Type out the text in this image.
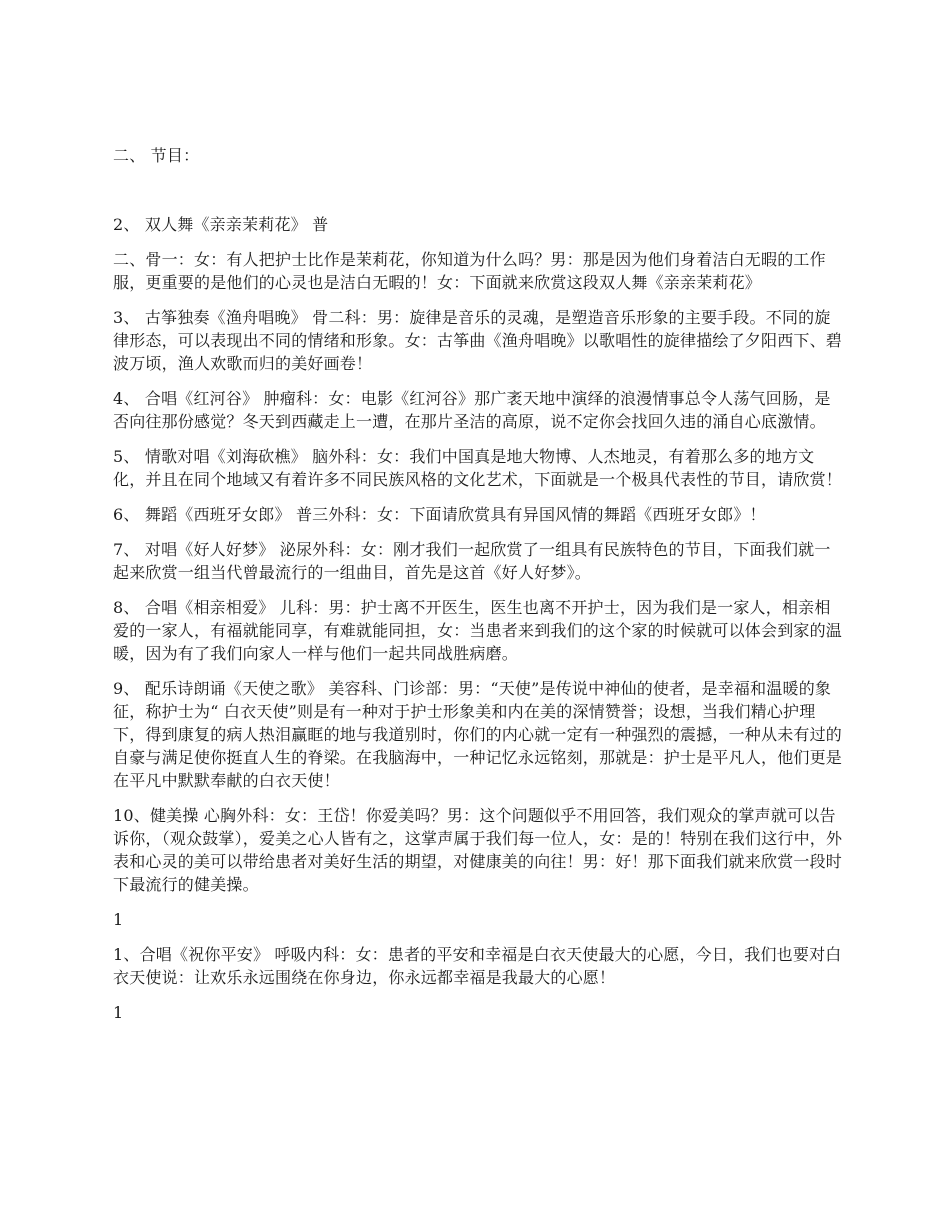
二、 节目：

2、 双人舞《亲亲茉莉花》 普

二、骨一：女：有人把护士比作是茉莉花，你知道为什么吗？男：那是因为他们身着洁白无暇的工作服，更重要的是他们的心灵也是洁白无暇的！女：下面就来欣赏这段双人舞《亲亲茉莉花》

3、 古筝独奏《渔舟唱晚》 骨二科：男：旋律是音乐的灵魂，是塑造音乐形象的主要手段。不同的旋律形态，可以表现出不同的情绪和形象。女：古筝曲《渔舟唱晚》以歌唱性的旋律描绘了夕阳西下、碧波万顷，渔人欢歌而归的美好画卷！

4、 合唱《红河谷》 肿瘤科：女：电影《红河谷》那广袤天地中演绎的浪漫情事总令人荡气回肠，是否向往那份感觉？冬天到西藏走上一遭，在那片圣洁的高原，说不定你会找回久违的涌自心底激情。

5、 情歌对唱《刘海砍樵》 脑外科：女：我们中国真是地大物博、人杰地灵，有着那么多的地方文化，并且在同个地域又有着许多不同民族风格的文化艺术，下面就是一个极具代表性的节目，请欣赏！

6、 舞蹈《西班牙女郎》 普三外科：女：下面请欣赏具有异国风情的舞蹈《西班牙女郎》！

7、 对唱《好人好梦》 泌尿外科：女：刚才我们一起欣赏了一组具有民族特色的节目，下面我们就一起来欣赏一组当代曾最流行的一组曲目，首先是这首《好人好梦》。

8、 合唱《相亲相爱》 儿科：男：护士离不开医生，医生也离不开护士，因为我们是一家人，相亲相爱的一家人，有福就能同享，有难就能同担，女：当患者来到我们的这个家的时候就可以体会到家的温暖，因为有了我们向家人一样与他们一起共同战胜病磨。

9、 配乐诗朗诵《天使之歌》 美容科、门诊部：男：“天使”是传说中神仙的使者，是幸福和温暖的象征，称护士为“ 白衣天使”则是有一种对于护士形象美和内在美的深情赞誉；设想，当我们精心护理下，得到康复的病人热泪赢眶的地与我道别时，你们的内心就一定有一种强烈的震撼，一种从未有过的自豪与满足使你挺直人生的脊梁。在我脑海中，一种记忆永远铭刻，那就是：护士是平凡人，他们更是在平凡中默默奉献的白衣天使！

10、健美操 心胸外科：女：王岱！你爱美吗？男：这个问题似乎不用回答，我们观众的掌声就可以告诉你，（观众鼓掌），爱美之心人皆有之，这掌声属于我们每一位人，女：是的！特别在我们这行中，外表和心灵的美可以带给患者对美好生活的期望，对健康美的向往！男：好！那下面我们就来欣赏一段时下最流行的健美操。

1

1、合唱《祝你平安》 呼吸内科：女：患者的平安和幸福是白衣天使最大的心愿，今日，我们也要对白衣天使说：让欢乐永远围绕在你身边，你永远都幸福是我最大的心愿！

1
